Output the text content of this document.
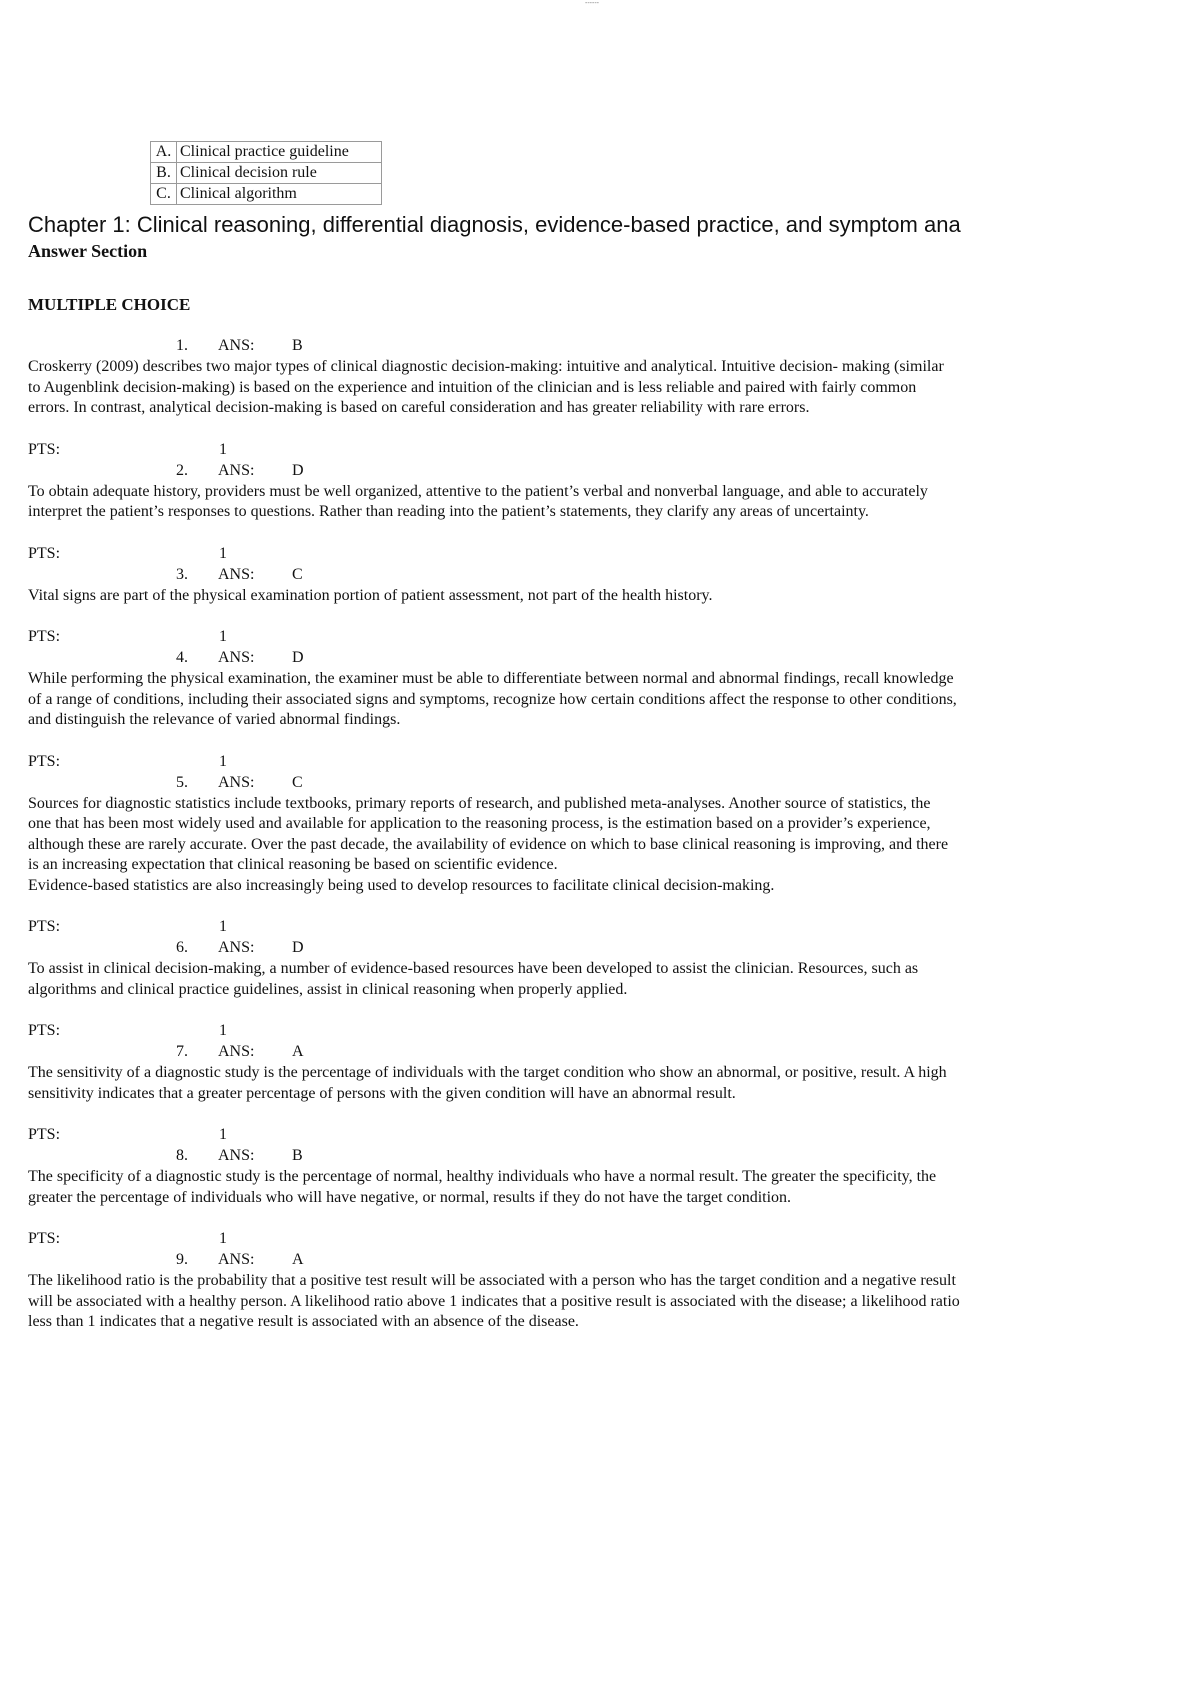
------
A.	Clinical practice guideline
B.	Clinical decision rule
C.	Clinical algorithm
Chapter 1: Clinical reasoning, differential diagnosis, evidence-based practice, and symptom ana
Answer Section
MULTIPLE CHOICE
1. ANS: B
Croskerry (2009) describes two major types of clinical diagnostic decision-making: intuitive and analytical. Intuitive decision- making (similar
to Augenblink decision-making) is based on the experience and intuition of the clinician and is less reliable and paired with fairly common
errors. In contrast, analytical decision-making is based on careful consideration and has greater reliability with rare errors.
PTS:	1
2. ANS: D
To obtain adequate history, providers must be well organized, attentive to the patient’s verbal and nonverbal language, and able to accurately
interpret the patient’s responses to questions. Rather than reading into the patient’s statements, they clarify any areas of uncertainty.
PTS:	1
3. ANS: C
Vital signs are part of the physical examination portion of patient assessment, not part of the health history.
PTS:	1
4. ANS: D
While performing the physical examination, the examiner must be able to differentiate between normal and abnormal findings, recall knowledge
of a range of conditions, including their associated signs and symptoms, recognize how certain conditions affect the response to other conditions,
and distinguish the relevance of varied abnormal findings.
PTS:	1
5. ANS: C
Sources for diagnostic statistics include textbooks, primary reports of research, and published meta-analyses. Another source of statistics, the
one that has been most widely used and available for application to the reasoning process, is the estimation based on a provider’s experience,
although these are rarely accurate. Over the past decade, the availability of evidence on which to base clinical reasoning is improving, and there
is an increasing expectation that clinical reasoning be based on scientific evidence.
Evidence-based statistics are also increasingly being used to develop resources to facilitate clinical decision-making.
PTS:	1
6. ANS: D
To assist in clinical decision-making, a number of evidence-based resources have been developed to assist the clinician. Resources, such as
algorithms and clinical practice guidelines, assist in clinical reasoning when properly applied.
PTS:	1
7. ANS: A
The sensitivity of a diagnostic study is the percentage of individuals with the target condition who show an abnormal, or positive, result. A high
sensitivity indicates that a greater percentage of persons with the given condition will have an abnormal result.
PTS:	1
8. ANS: B
The specificity of a diagnostic study is the percentage of normal, healthy individuals who have a normal result. The greater the specificity, the
greater the percentage of individuals who will have negative, or normal, results if they do not have the target condition.
PTS:	1
9. ANS: A
The likelihood ratio is the probability that a positive test result will be associated with a person who has the target condition and a negative result
will be associated with a healthy person. A likelihood ratio above 1 indicates that a positive result is associated with the disease; a likelihood ratio
less than 1 indicates that a negative result is associated with an absence of the disease.
